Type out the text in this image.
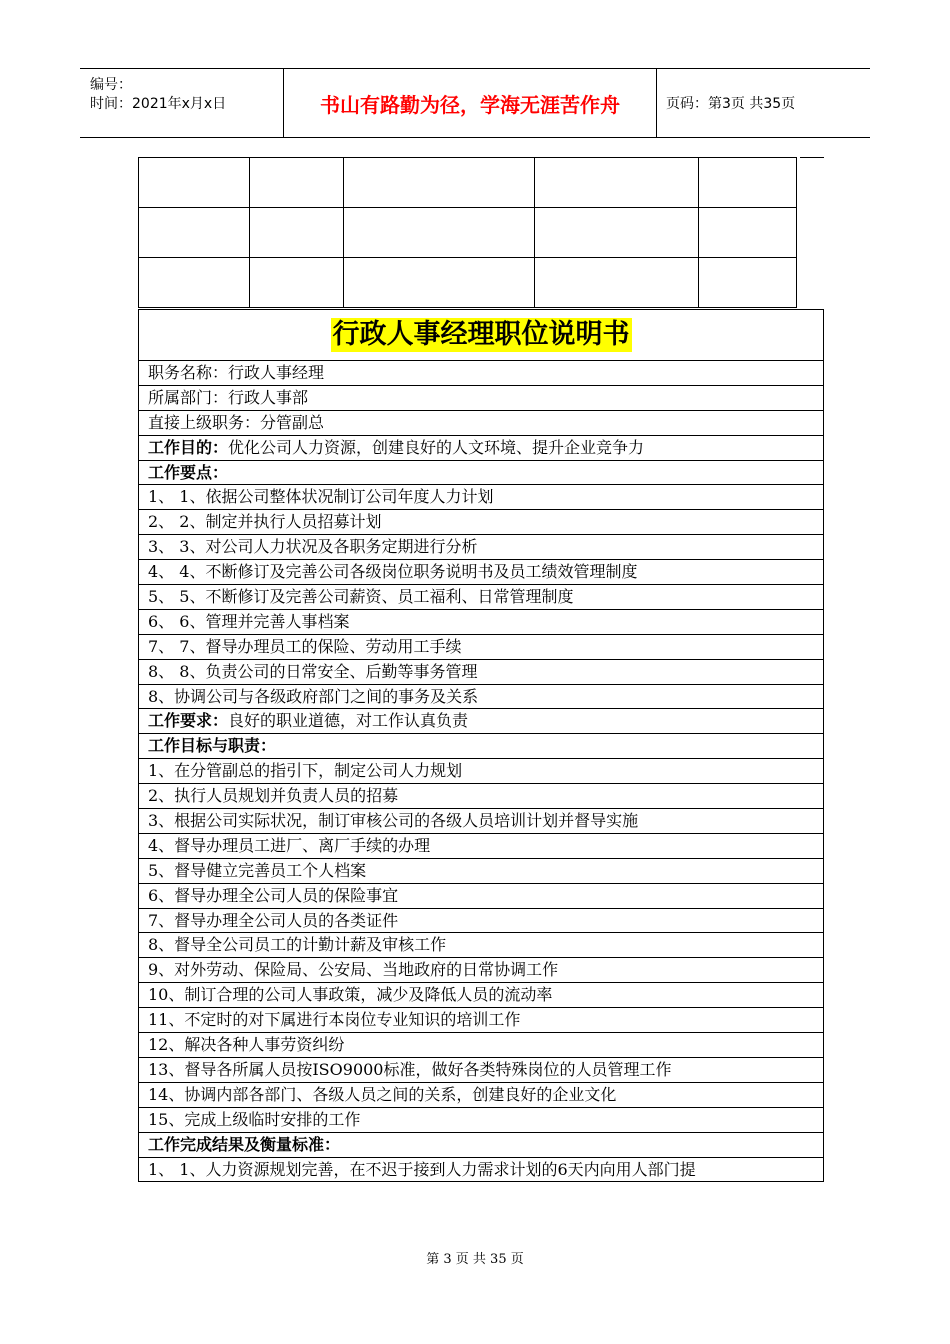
编号：
时间：2021年x月x日	书山有路勤为径，学海无涯苦作舟	页码：第3页 共35页

行政人事经理职位说明书
职务名称：行政人事经理
所属部门：行政人事部
直接上级职务：分管副总
工作目的：优化公司人力资源，创建良好的人文环境、提升企业竞争力
工作要点：
1、 1、依据公司整体状况制订公司年度人力计划
2、 2、制定并执行人员招募计划
3、 3、对公司人力状况及各职务定期进行分析
4、 4、不断修订及完善公司各级岗位职务说明书及员工绩效管理制度
5、 5、不断修订及完善公司薪资、员工福利、日常管理制度
6、 6、管理并完善人事档案
7、 7、督导办理员工的保险、劳动用工手续
8、 8、负责公司的日常安全、后勤等事务管理
8、协调公司与各级政府部门之间的事务及关系
工作要求：良好的职业道德，对工作认真负责
工作目标与职责：
1、在分管副总的指引下，制定公司人力规划
2、执行人员规划并负责人员的招募
3、根据公司实际状况，制订审核公司的各级人员培训计划并督导实施
4、督导办理员工进厂、离厂手续的办理
5、督导健立完善员工个人档案
6、督导办理全公司人员的保险事宜
7、督导办理全公司人员的各类证件
8、督导全公司员工的计勤计薪及审核工作
9、对外劳动、保险局、公安局、当地政府的日常协调工作
10、制订合理的公司人事政策，减少及降低人员的流动率
11、不定时的对下属进行本岗位专业知识的培训工作
12、解决各种人事劳资纠纷
13、督导各所属人员按ISO9000标准，做好各类特殊岗位的人员管理工作
14、协调内部各部门、各级人员之间的关系，创建良好的企业文化
15、完成上级临时安排的工作
工作完成结果及衡量标准：
1、 1、人力资源规划完善，在不迟于接到人力需求计划的6天内向用人部门提
第 3 页 共 35 页
